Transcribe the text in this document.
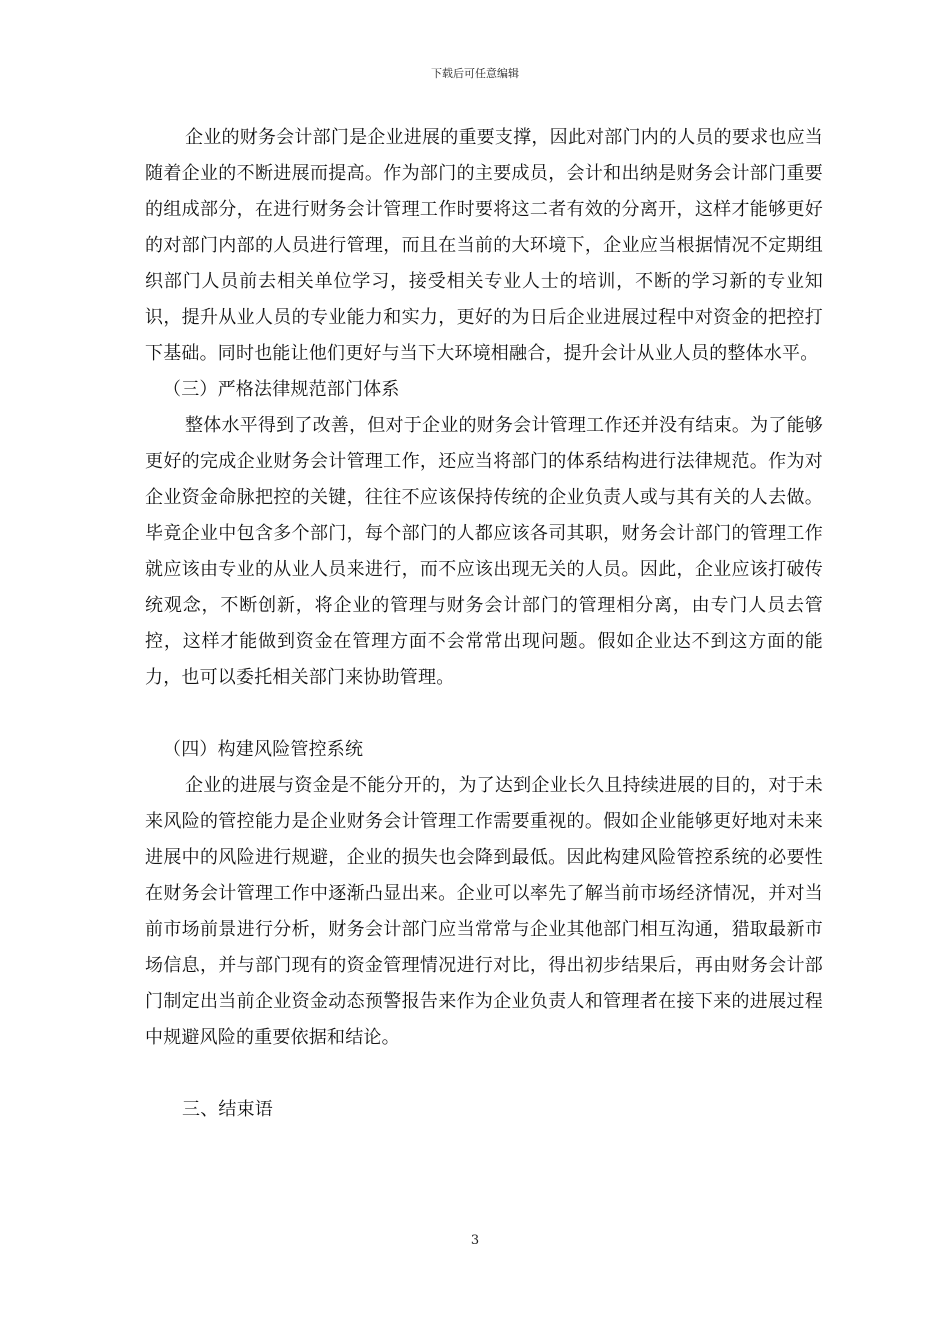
下载后可任意编辑

企业的财务会计部门是企业进展的重要支撑，因此对部门内的人员的要求也应当随着企业的不断进展而提高。作为部门的主要成员，会计和出纳是财务会计部门重要的组成部分，在进行财务会计管理工作时要将这二者有效的分离开，这样才能够更好的对部门内部的人员进行管理，而且在当前的大环境下，企业应当根据情况不定期组织部门人员前去相关单位学习，接受相关专业人士的培训，不断的学习新的专业知识，提升从业人员的专业能力和实力，更好的为日后企业进展过程中对资金的把控打下基础。同时也能让他们更好与当下大环境相融合，提升会计从业人员的整体水平。

（三）严格法律规范部门体系

整体水平得到了改善，但对于企业的财务会计管理工作还并没有结束。为了能够更好的完成企业财务会计管理工作，还应当将部门的体系结构进行法律规范。作为对企业资金命脉把控的关键，往往不应该保持传统的企业负责人或与其有关的人去做。毕竟企业中包含多个部门，每个部门的人都应该各司其职，财务会计部门的管理工作就应该由专业的从业人员来进行，而不应该出现无关的人员。因此，企业应该打破传统观念，不断创新，将企业的管理与财务会计部门的管理相分离，由专门人员去管控，这样才能做到资金在管理方面不会常常出现问题。假如企业达不到这方面的能力，也可以委托相关部门来协助管理。

（四）构建风险管控系统

企业的进展与资金是不能分开的，为了达到企业长久且持续进展的目的，对于未来风险的管控能力是企业财务会计管理工作需要重视的。假如企业能够更好地对未来进展中的风险进行规避，企业的损失也会降到最低。因此构建风险管控系统的必要性在财务会计管理工作中逐渐凸显出来。企业可以率先了解当前市场经济情况，并对当前市场前景进行分析，财务会计部门应当常常与企业其他部门相互沟通，猎取最新市场信息，并与部门现有的资金管理情况进行对比，得出初步结果后，再由财务会计部门制定出当前企业资金动态预警报告来作为企业负责人和管理者在接下来的进展过程中规避风险的重要依据和结论。

三、结束语

3
